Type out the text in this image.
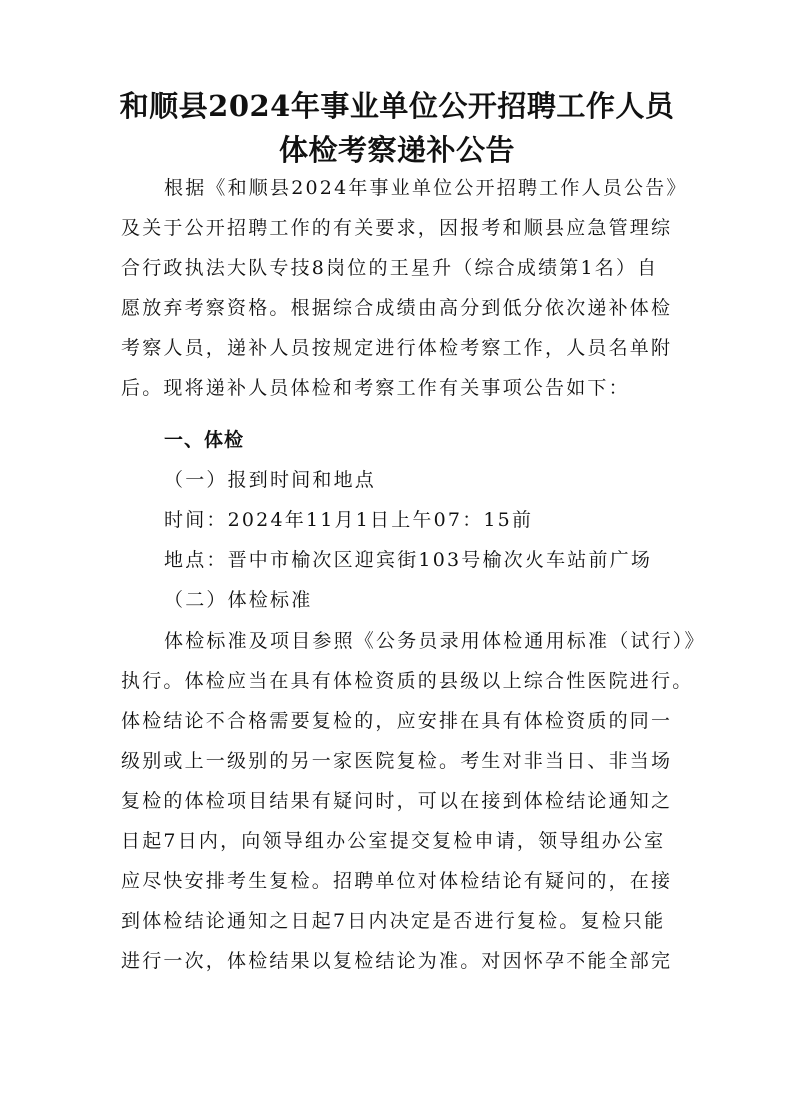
和顺县2024年事业单位公开招聘工作人员
体检考察递补公告
根据《和顺县2024年事业单位公开招聘工作人员公告》
及关于公开招聘工作的有关要求，因报考和顺县应急管理综
合行政执法大队专技8岗位的王星升（综合成绩第1名）自
愿放弃考察资格。根据综合成绩由高分到低分依次递补体检
考察人员，递补人员按规定进行体检考察工作，人员名单附
后。现将递补人员体检和考察工作有关事项公告如下：
一、体检
（一）报到时间和地点
时间：2024年11月1日上午07：15前
地点：晋中市榆次区迎宾街103号榆次火车站前广场
（二）体检标准
体检标准及项目参照《公务员录用体检通用标准（试行）》
执行。体检应当在具有体检资质的县级以上综合性医院进行。
体检结论不合格需要复检的，应安排在具有体检资质的同一
级别或上一级别的另一家医院复检。考生对非当日、非当场
复检的体检项目结果有疑问时，可以在接到体检结论通知之
日起7日内，向领导组办公室提交复检申请，领导组办公室
应尽快安排考生复检。招聘单位对体检结论有疑问的，在接
到体检结论通知之日起7日内决定是否进行复检。复检只能
进行一次，体检结果以复检结论为准。对因怀孕不能全部完
